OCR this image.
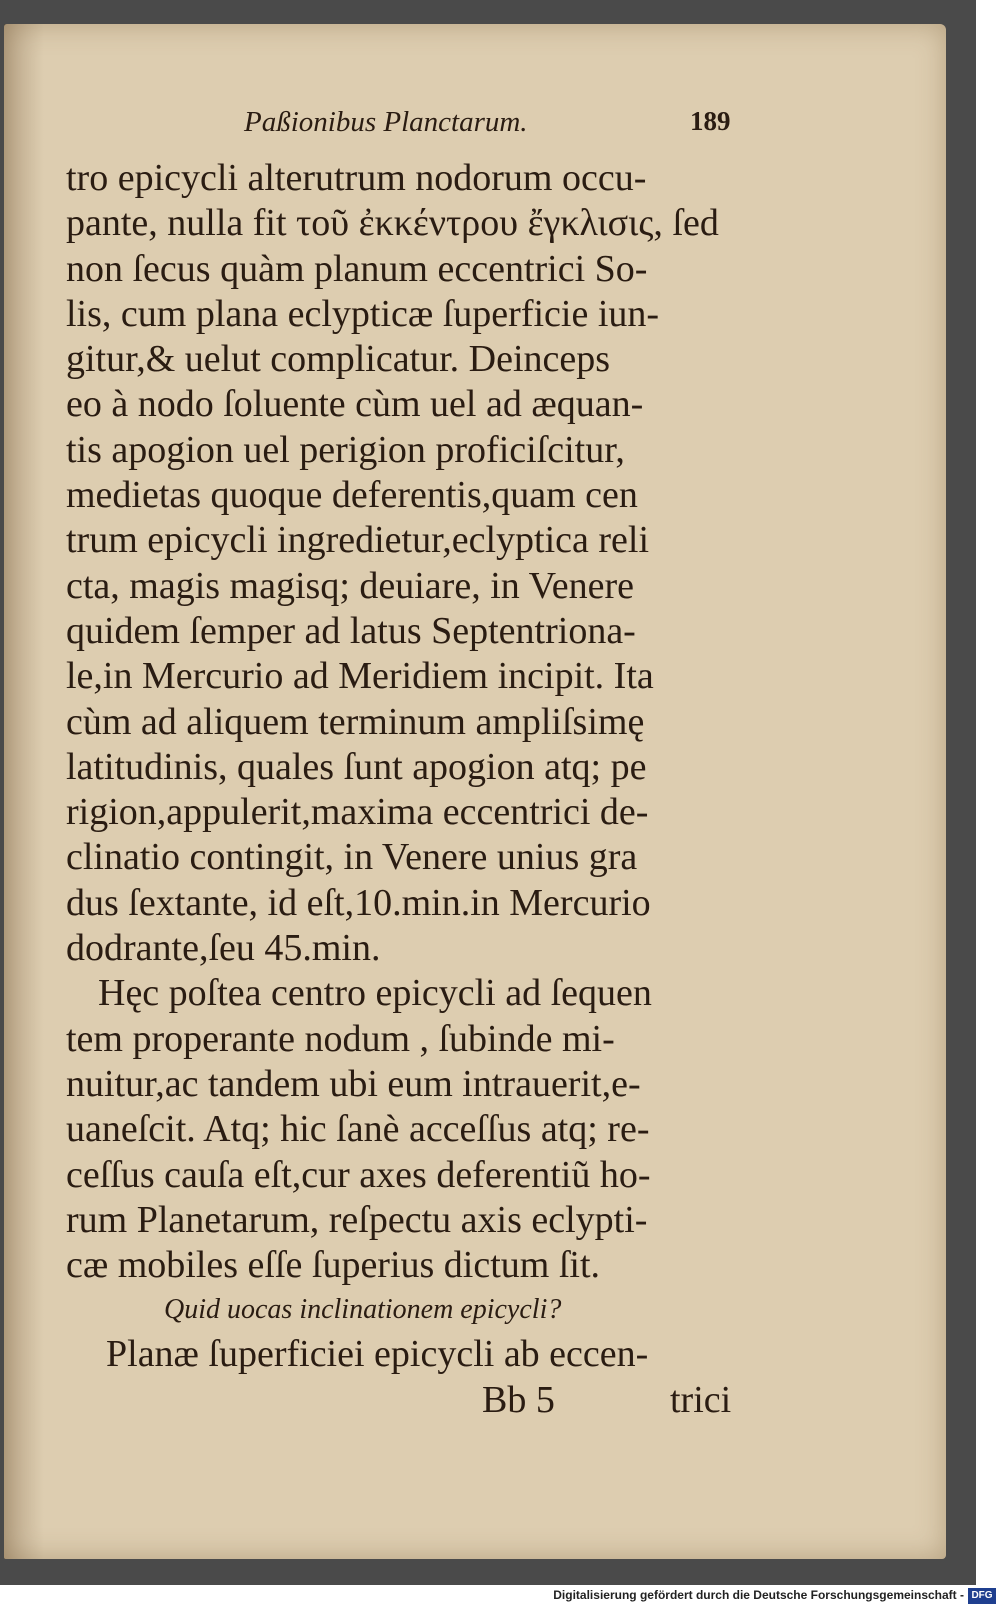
Paßionibus Planctarum.	189
tro epicycli alterutrum nodorum occu-
pante, nulla fit τοῦ ἐκκέντρου ἔγκλισις, ſed
non ſecus quàm planum eccentrici So-
lis, cum plana eclypticæ ſuperficie iun-
gitur,& uelut complicatur. Deinceps
eo à nodo ſoluente cùm uel ad æquan-
tis apogion uel perigion proficiſcitur,
medietas quoque deferentis,quam cen
trum epicycli ingredietur,eclyptica reli
cta, magis magisq; deuiare, in Venere
quidem ſemper ad latus Septentriona-
le,in Mercurio ad Meridiem incipit. Ita
cùm ad aliquem terminum ampliſsimę
latitudinis, quales ſunt apogion atq; pe
rigion,appulerit,maxima eccentrici de-
clinatio contingit, in Venere unius gra
dus ſextante, id eſt,10.min.in Mercurio
dodrante,ſeu 45.min.
Hęc poſtea centro epicycli ad ſequen
tem properante nodum , ſubinde mi-
nuitur,ac tandem ubi eum intrauerit,e-
uaneſcit. Atq; hic ſanè acceſſus atq; re-
ceſſus cauſa eſt,cur axes deferentiũ ho-
rum Planetarum, reſpectu axis eclypti-
cæ mobiles eſſe ſuperius dictum ſit.
Quid uocas inclinationem epicycli?
Planæ ſuperficiei epicycli ab eccen-
Bb 5	trici
Digitalisierung gefördert durch die Deutsche Forschungsgemeinschaft - DFG
